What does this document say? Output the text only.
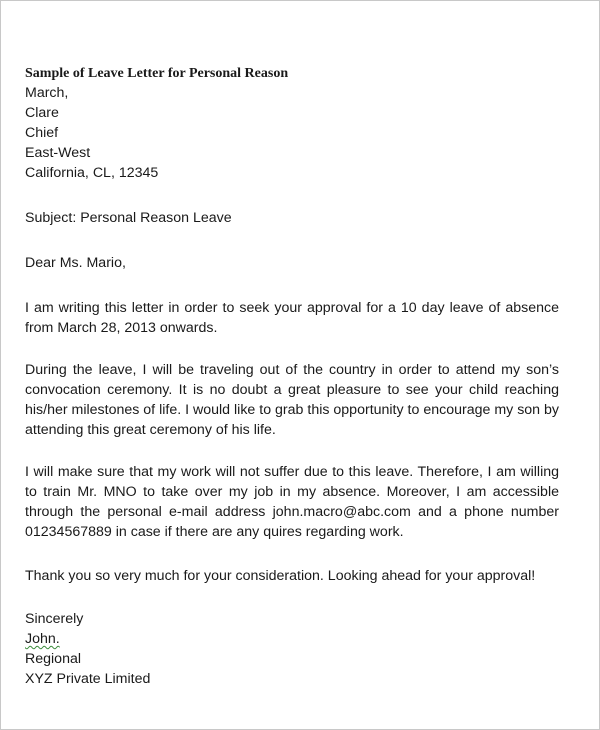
Sample of Leave Letter for Personal Reason

March,

Clare

Chief

East-West

California, CL, 12345

Subject: Personal Reason Leave

Dear Ms. Mario,

I am writing this letter in order to seek your approval for a 10 day leave of absence from March 28, 2013 onwards.

During the leave, I will be traveling out of the country in order to attend my son’s convocation ceremony. It is no doubt a great pleasure to see your child reaching his/her milestones of life. I would like to grab this opportunity to encourage my son by attending this great ceremony of his life.

I will make sure that my work will not suffer due to this leave. Therefore, I am willing to train Mr. MNO to take over my job in my absence. Moreover, I am accessible through the personal e-mail address john.macro@abc.com and a phone number 01234567889 in case if there are any quires regarding work.

Thank you so very much for your consideration. Looking ahead for your approval!

Sincerely

John.

Regional

XYZ Private Limited
